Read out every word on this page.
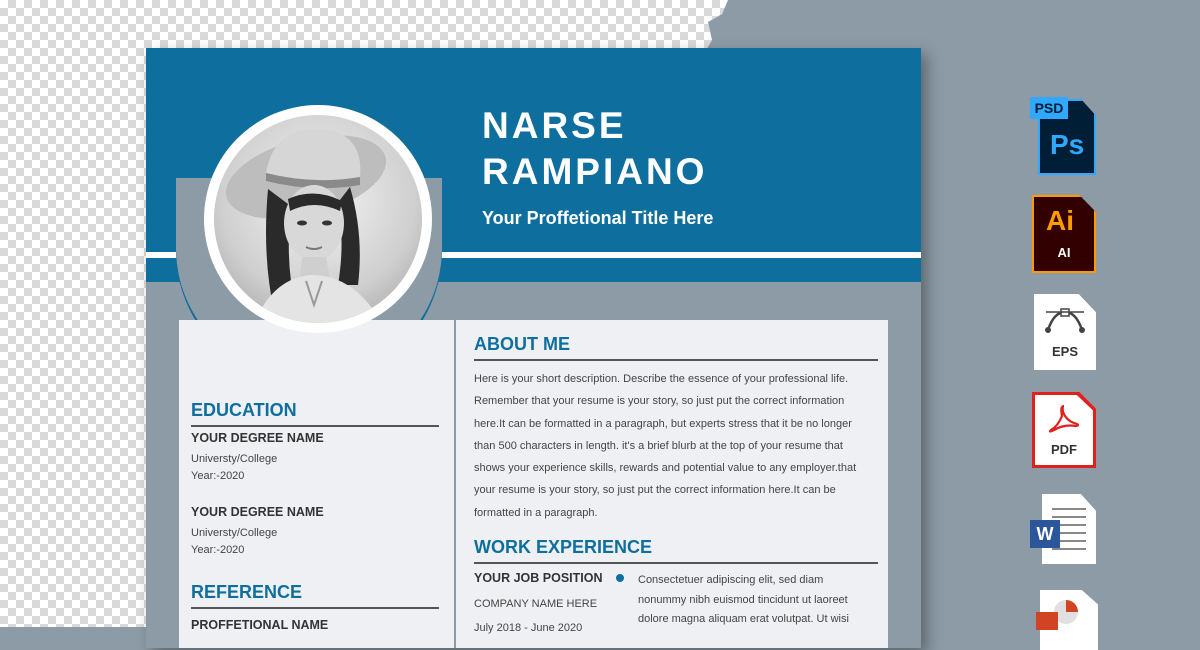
NARSE
RAMPIANO
Your Proffetional Title Here
EDUCATION
YOUR DEGREE NAME
Universty/College
Year:-2020
YOUR DEGREE NAME
Universty/College
Year:-2020
REFERENCE
PROFFETIONAL NAME
ABOUT ME
Here is your short description. Describe the essence of your professional life. Remember that your resume is your story, so just put the correct information here.It can be formatted in a paragraph, but experts stress that it be no longer than 500 characters in length. it's a brief blurb at the top of your resume that shows your experience skills, rewards and potential value to any employer.that your resume is your story, so just put the correct information here.It can be formatted in a paragraph.
WORK EXPERIENCE
YOUR JOB POSITION
COMPANY NAME HERE
July 2018 - June 2020
Consectetuer adipiscing elit, sed diam nonummy nibh euismod tincidunt ut laoreet dolore magna aliquam erat volutpat. Ut wisi
PSD
Ps
Ai
AI
EPS
PDF
W
